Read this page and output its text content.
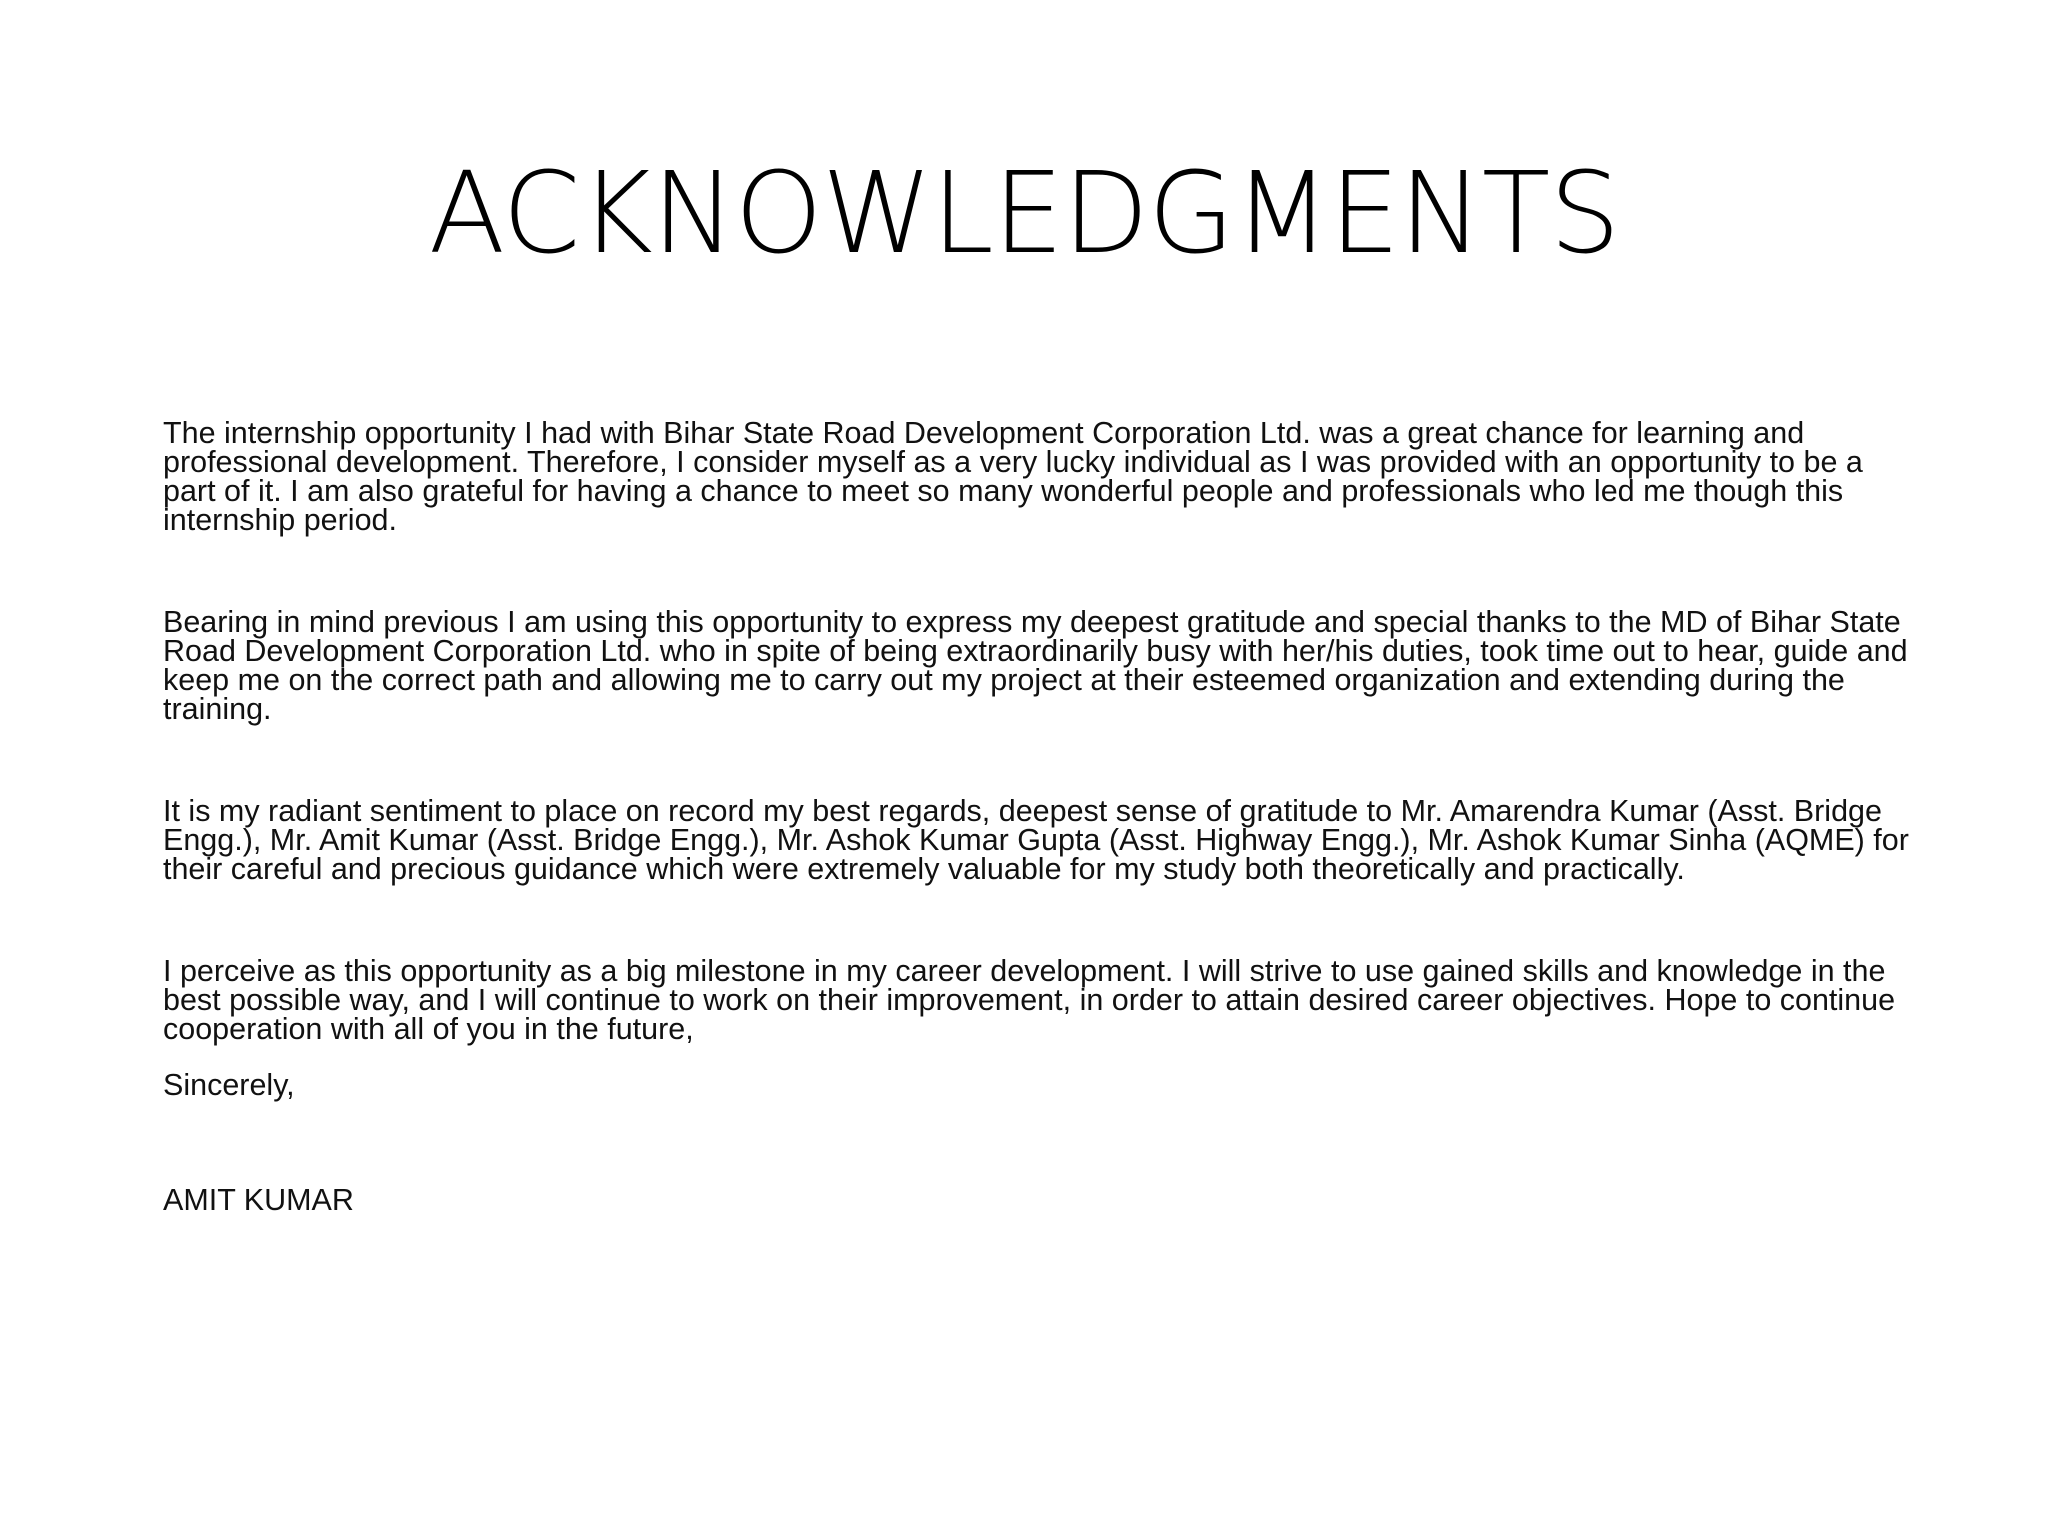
ACKNOWLEDGMENTS

The internship opportunity I had with Bihar State Road Development Corporation Ltd. was a great chance for learning and professional development. Therefore, I consider myself as a very lucky individual as I was provided with an opportunity to be a part of it. I am also grateful for having a chance to meet so many wonderful people and professionals who led me though this internship period.

Bearing in mind previous I am using this opportunity to express my deepest gratitude and special thanks to the MD of Bihar State Road Development Corporation Ltd. who in spite of being extraordinarily busy with her/his duties, took time out to hear, guide and keep me on the correct path and allowing me to carry out my project at their esteemed organization and extending during the training.

It is my radiant sentiment to place on record my best regards, deepest sense of gratitude to Mr. Amarendra Kumar (Asst. Bridge Engg.), Mr. Amit Kumar (Asst. Bridge Engg.), Mr. Ashok Kumar Gupta (Asst. Highway Engg.), Mr. Ashok Kumar Sinha (AQME) for their careful and precious guidance which were extremely valuable for my study both theoretically and practically.

I perceive as this opportunity as a big milestone in my career development. I will strive to use gained skills and knowledge in the best possible way, and I will continue to work on their improvement, in order to attain desired career objectives. Hope to continue cooperation with all of you in the future,

Sincerely,

AMIT KUMAR
